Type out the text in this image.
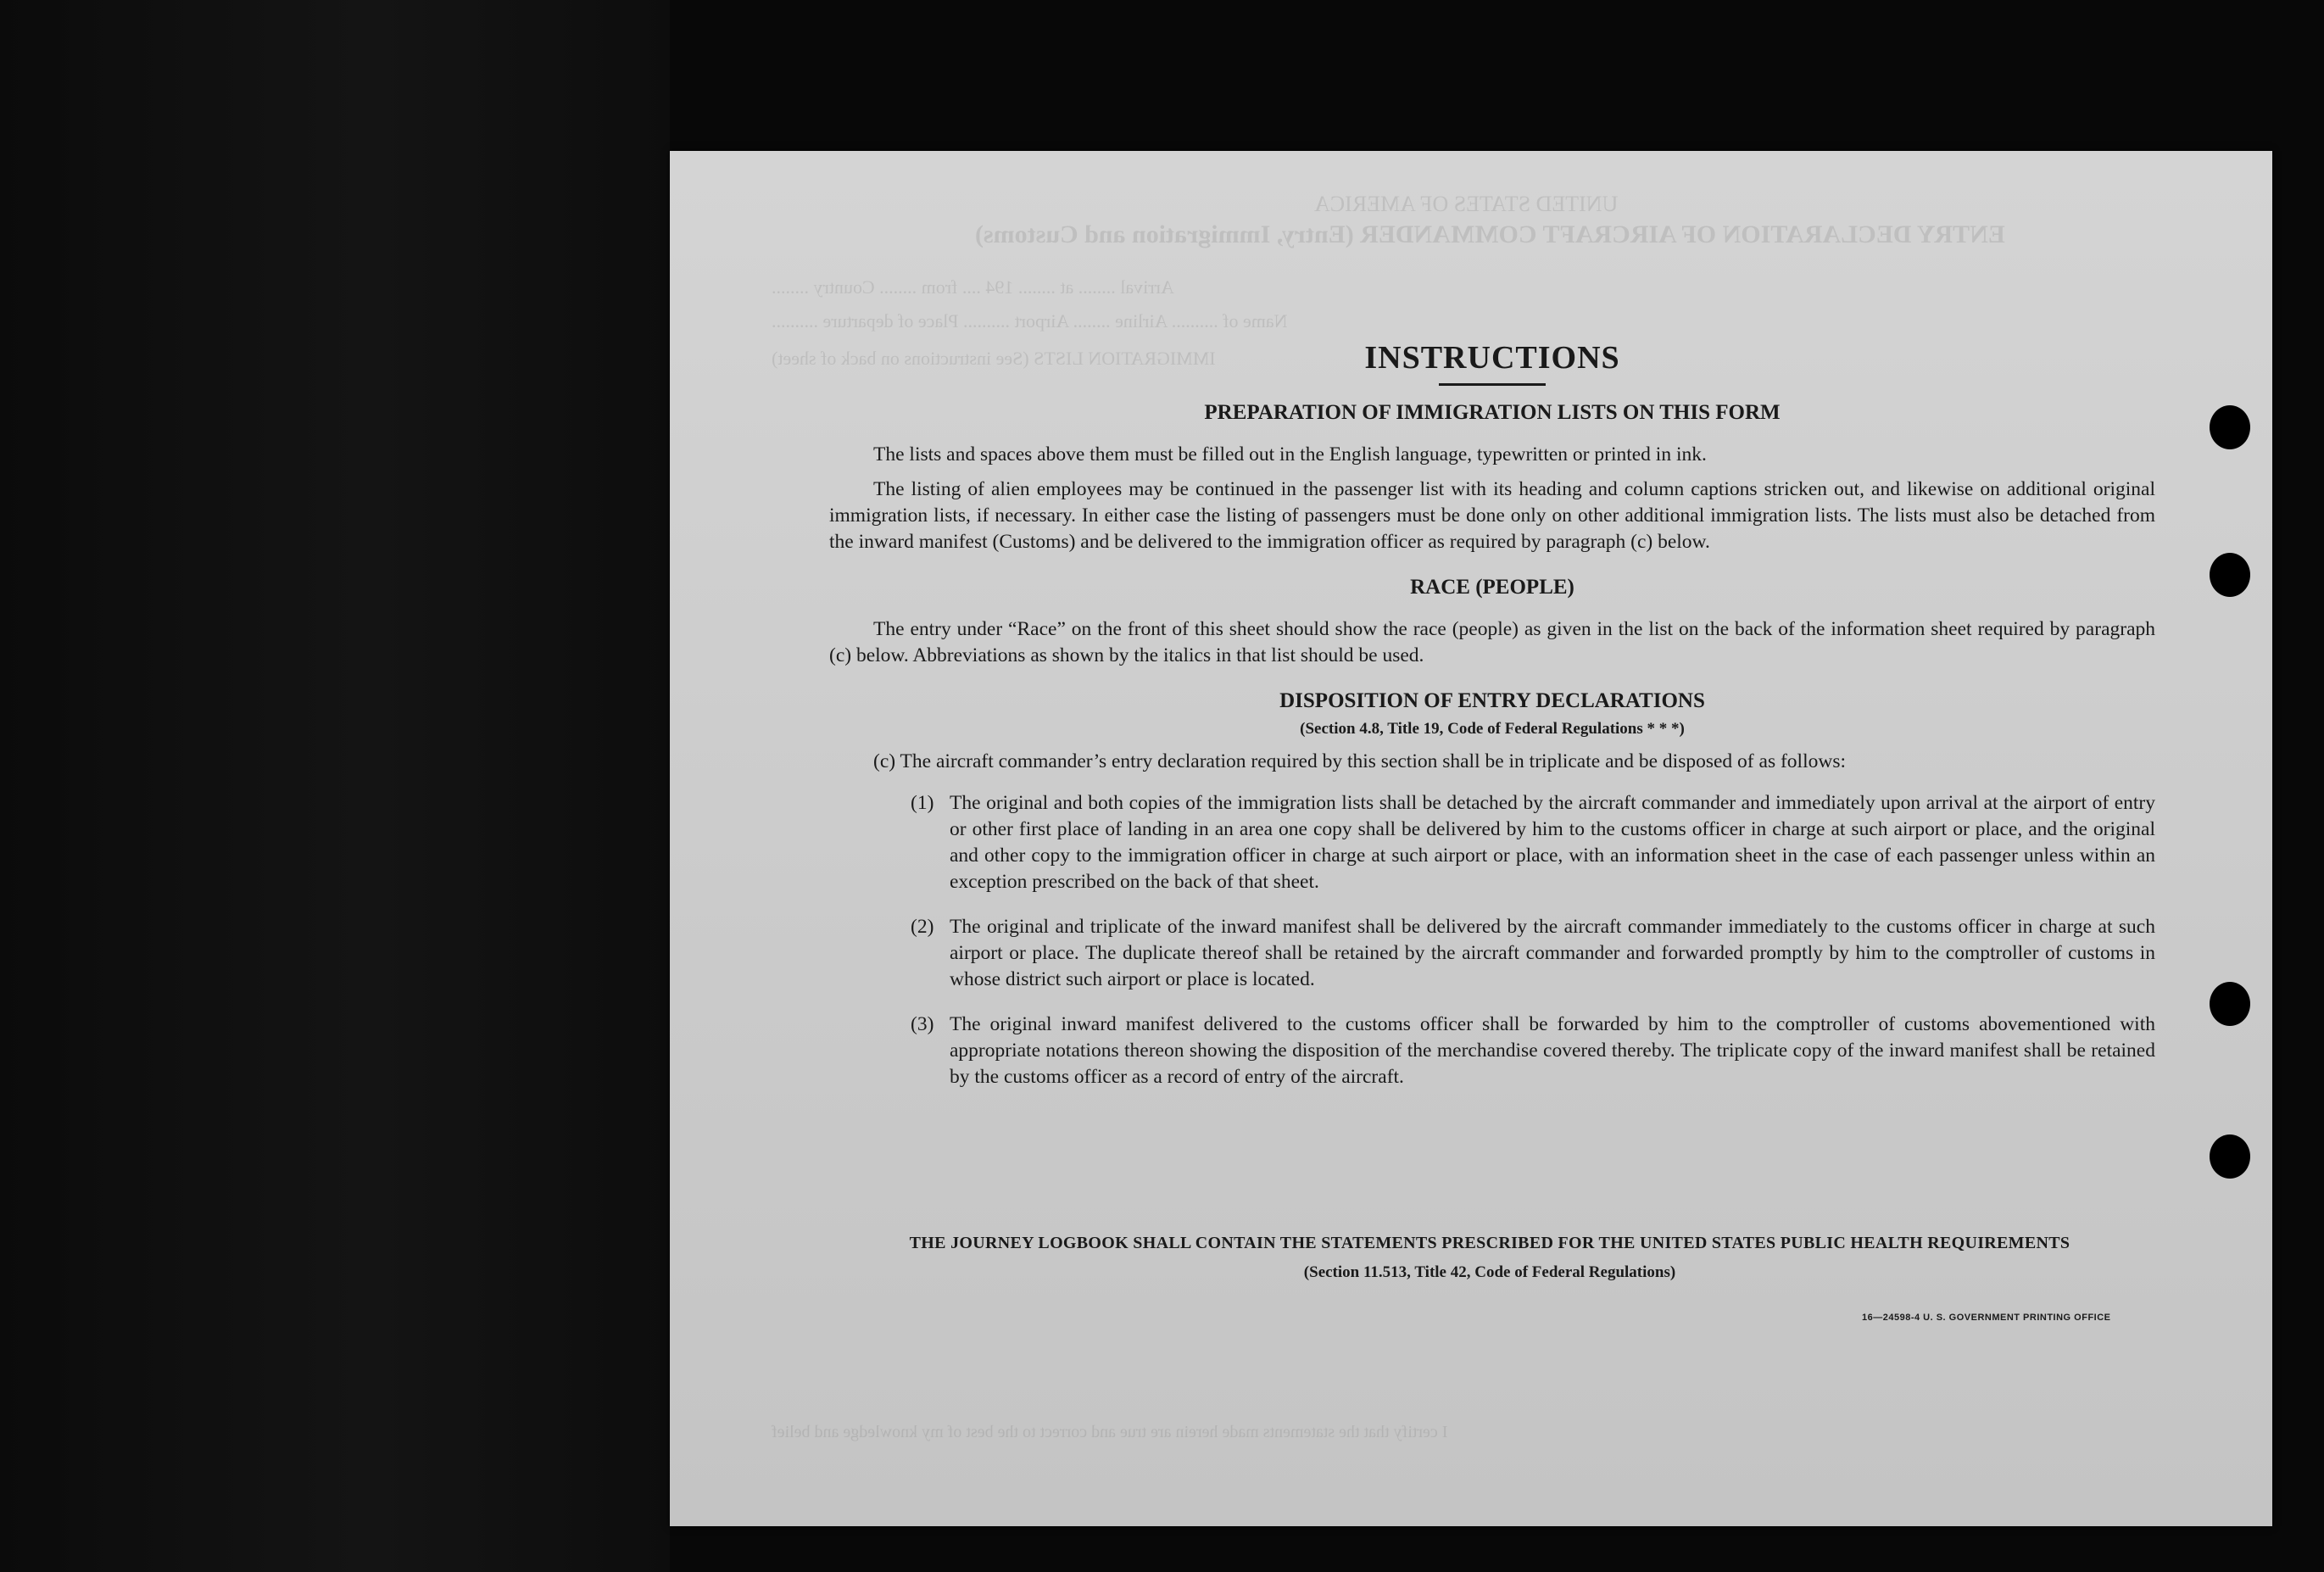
UNITED STATES OF AMERICA
ENTRY DECLARATION OF AIRCRAFT COMMANDER (Entry, Immigration and Customs)
Arrival ........ at ........ 194 .... from ........ Country ........
Name of .......... Airline ........ Airport .......... Place of departure ..........
IMMIGRATION LISTS (See instructions on back of sheet)
I certify that the statements made herein are true and correct to the best of my knowledge and belief
INSTRUCTIONS
PREPARATION OF IMMIGRATION LISTS ON THIS FORM

The lists and spaces above them must be filled out in the English language, typewritten or printed in ink.

The listing of alien employees may be continued in the passenger list with its heading and column captions stricken out, and likewise on additional original immigration lists, if necessary. In either case the listing of passengers must be done only on other additional immigration lists. The lists must also be detached from the inward manifest (Customs) and be delivered to the immigration officer as required by paragraph (c) below.

RACE (PEOPLE)

The entry under “Race” on the front of this sheet should show the race (people) as given in the list on the back of the information sheet required by paragraph (c) below. Abbreviations as shown by the italics in that list should be used.

DISPOSITION OF ENTRY DECLARATIONS
(Section 4.8, Title 19, Code of Federal Regulations * * *)

(c) The aircraft commander’s entry declaration required by this section shall be in triplicate and be disposed of as follows:

(1) The original and both copies of the immigration lists shall be detached by the aircraft commander and immediately upon arrival at the airport of entry or other first place of landing in an area one copy shall be delivered by him to the customs officer in charge at such airport or place, and the original and other copy to the immigration officer in charge at such airport or place, with an information sheet in the case of each passenger unless within an exception prescribed on the back of that sheet.
(2) The original and triplicate of the inward manifest shall be delivered by the aircraft commander immediately to the customs officer in charge at such airport or place. The duplicate thereof shall be retained by the aircraft commander and forwarded promptly by him to the comptroller of customs in whose district such airport or place is located.
(3) The original inward manifest delivered to the customs officer shall be forwarded by him to the comptroller of customs abovementioned with appropriate notations thereon showing the disposition of the merchandise covered thereby. The triplicate copy of the inward manifest shall be retained by the customs officer as a record of entry of the aircraft.
THE JOURNEY LOGBOOK SHALL CONTAIN THE STATEMENTS PRESCRIBED FOR THE UNITED STATES PUBLIC HEALTH REQUIREMENTS
(Section 11.513, Title 42, Code of Federal Regulations)
16—24598-4 U. S. GOVERNMENT PRINTING OFFICE
